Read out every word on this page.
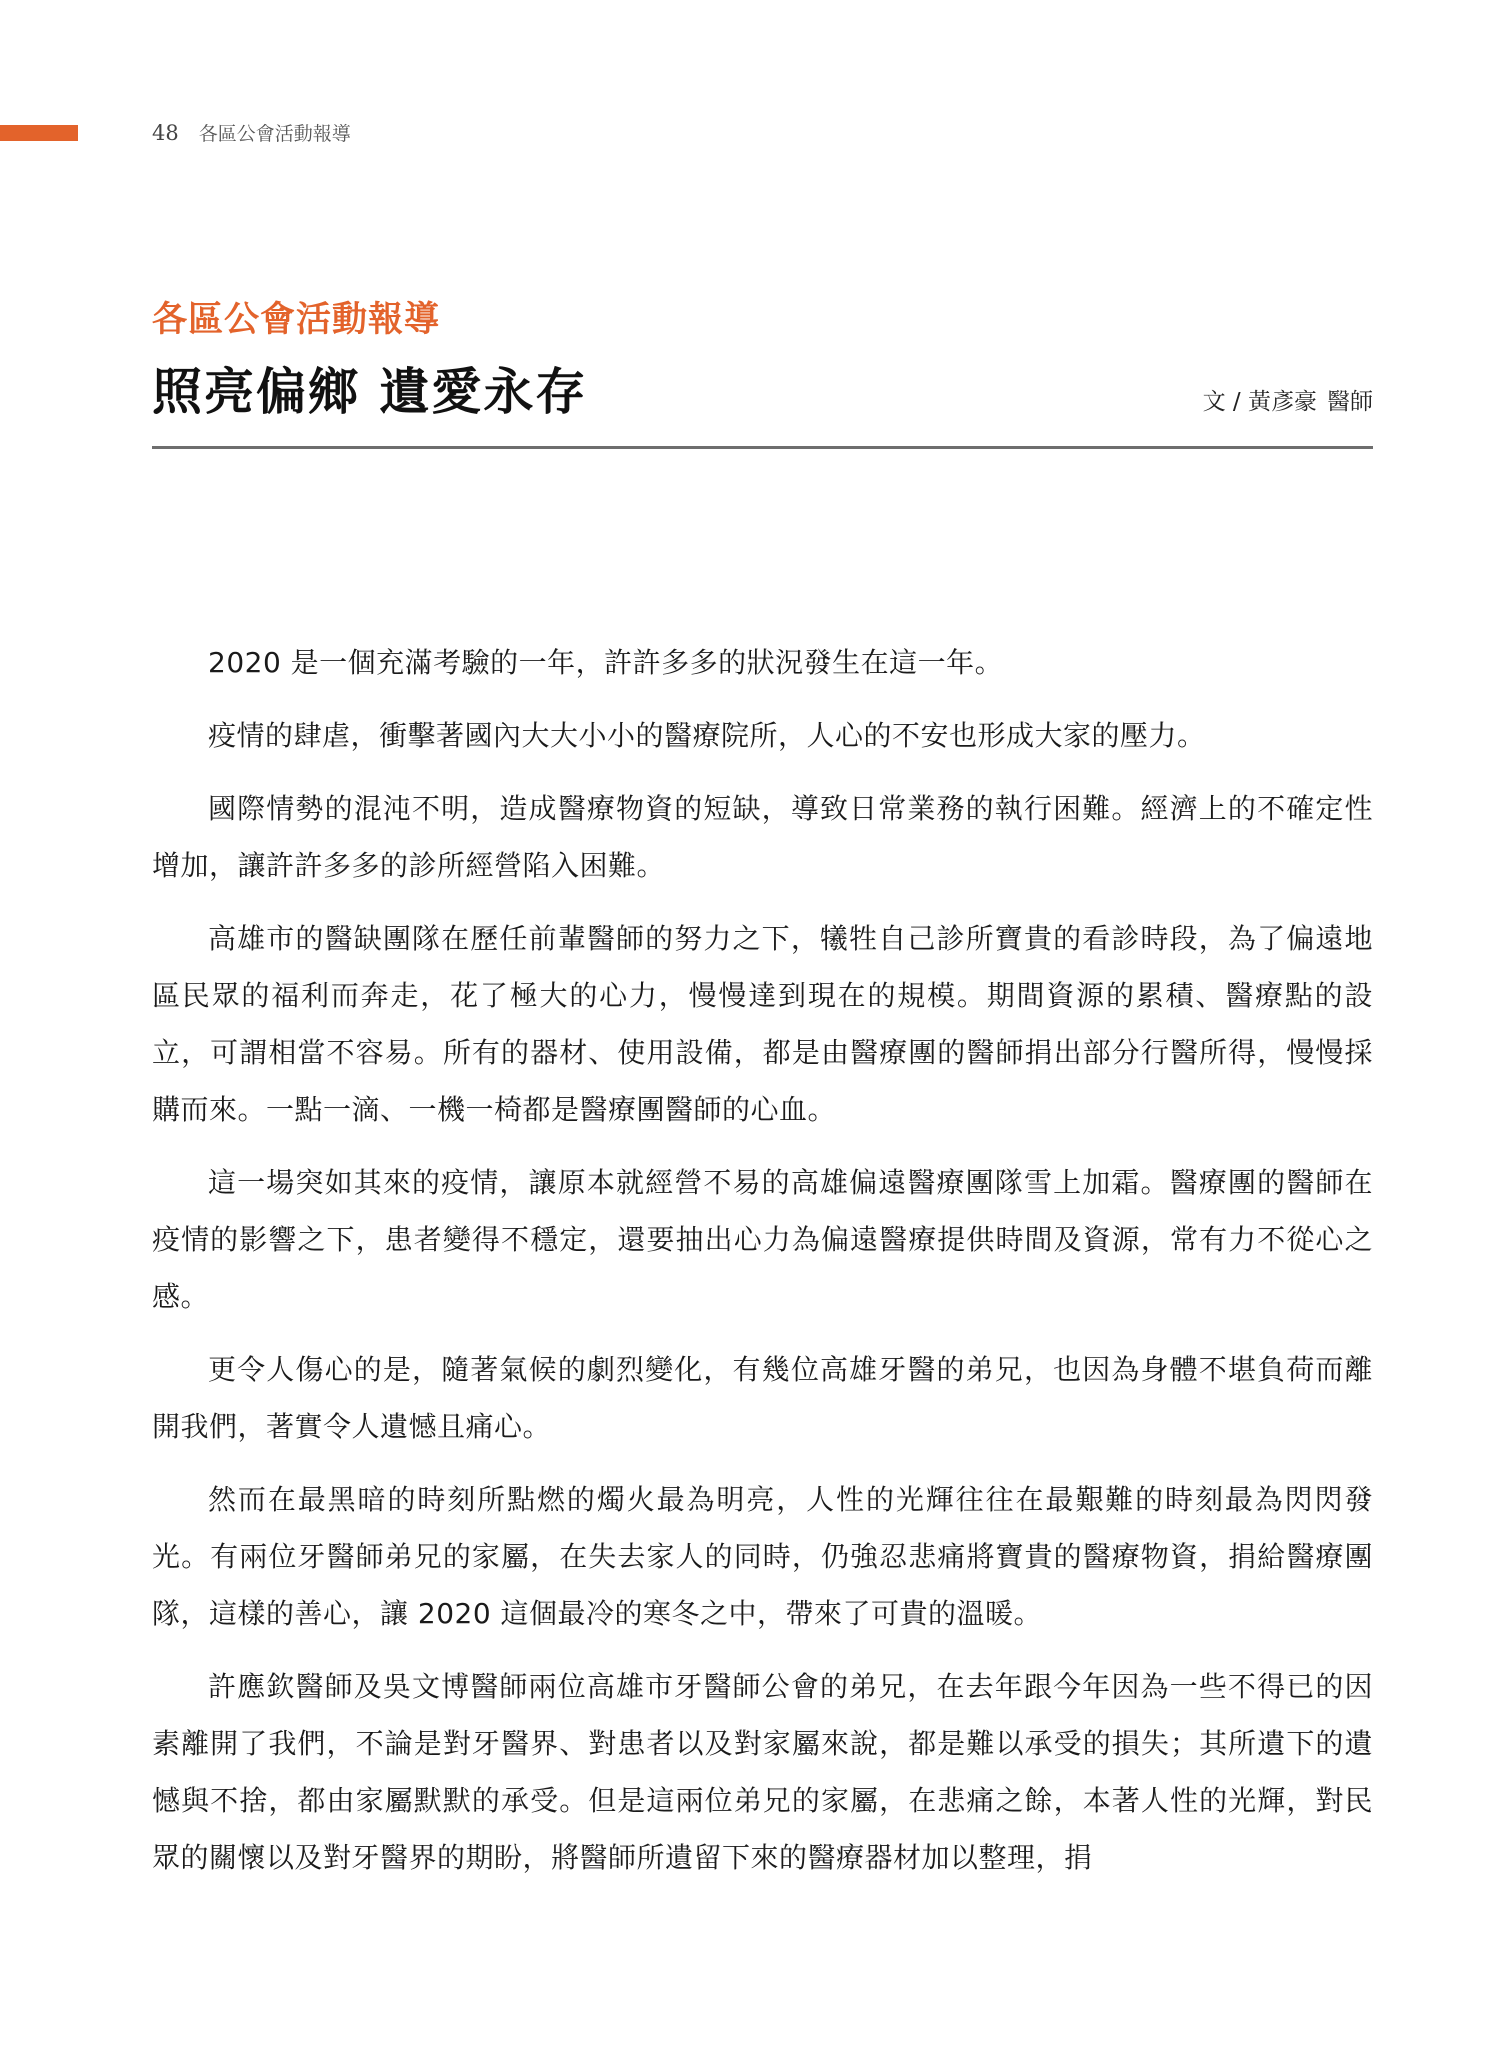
48 各區公會活動報導
各區公會活動報導
照亮偏鄉 遺愛永存	文 / 黃彥豪 醫師

2020 是一個充滿考驗的一年，許許多多的狀況發生在這一年。

疫情的肆虐，衝擊著國內大大小小的醫療院所，人心的不安也形成大家的壓力。

國際情勢的混沌不明，造成醫療物資的短缺，導致日常業務的執行困難。經濟上的不確定性增加，讓許許多多的診所經營陷入困難。

高雄市的醫缺團隊在歷任前輩醫師的努力之下，犧牲自己診所寶貴的看診時段，為了偏遠地區民眾的福利而奔走，花了極大的心力，慢慢達到現在的規模。期間資源的累積、醫療點的設立，可謂相當不容易。所有的器材、使用設備，都是由醫療團的醫師捐出部分行醫所得，慢慢採購而來。一點一滴、一機一椅都是醫療團醫師的心血。

這一場突如其來的疫情，讓原本就經營不易的高雄偏遠醫療團隊雪上加霜。醫療團的醫師在疫情的影響之下，患者變得不穩定，還要抽出心力為偏遠醫療提供時間及資源，常有力不從心之感。

更令人傷心的是，隨著氣候的劇烈變化，有幾位高雄牙醫的弟兄，也因為身體不堪負荷而離開我們，著實令人遺憾且痛心。

然而在最黑暗的時刻所點燃的燭火最為明亮，人性的光輝往往在最艱難的時刻最為閃閃發光。有兩位牙醫師弟兄的家屬，在失去家人的同時，仍強忍悲痛將寶貴的醫療物資，捐給醫療團隊，這樣的善心，讓 2020 這個最冷的寒冬之中，帶來了可貴的溫暖。

許應欽醫師及吳文博醫師兩位高雄市牙醫師公會的弟兄，在去年跟今年因為一些不得已的因素離開了我們，不論是對牙醫界、對患者以及對家屬來說，都是難以承受的損失；其所遺下的遺憾與不捨，都由家屬默默的承受。但是這兩位弟兄的家屬，在悲痛之餘，本著人性的光輝，對民眾的關懷以及對牙醫界的期盼，將醫師所遺留下來的醫療器材加以整理，捐
